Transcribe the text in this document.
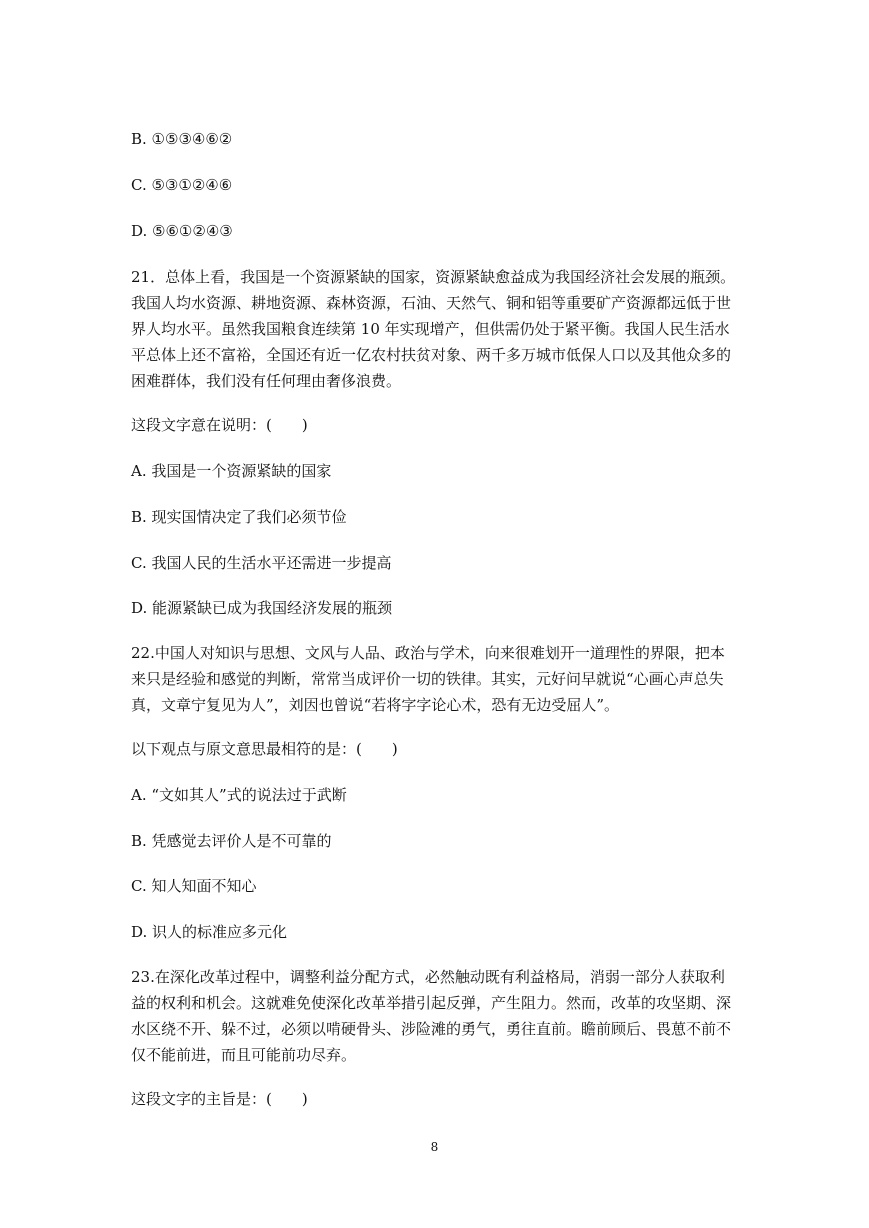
B. ①⑤③④⑥②

C. ⑤③①②④⑥

D. ⑤⑥①②④③

21．总体上看，我国是一个资源紧缺的国家，资源紧缺愈益成为我国经济社会发展的瓶颈。

我国人均水资源、耕地资源、森林资源，石油、天然气、铜和铝等重要矿产资源都远低于世

界人均水平。虽然我国粮食连续第 10 年实现增产，但供需仍处于紧平衡。我国人民生活水

平总体上还不富裕，全国还有近一亿农村扶贫对象、两千多万城市低保人口以及其他众多的

困难群体，我们没有任何理由奢侈浪费。

这段文字意在说明：(　　)

A. 我国是一个资源紧缺的国家

B. 现实国情决定了我们必须节俭

C. 我国人民的生活水平还需进一步提高

D. 能源紧缺已成为我国经济发展的瓶颈

22.中国人对知识与思想、文风与人品、政治与学术，向来很难划开一道理性的界限，把本

来只是经验和感觉的判断，常常当成评价一切的铁律。其实，元好问早就说“心画心声总失

真，文章宁复见为人”，刘因也曾说“若将字字论心术，恐有无边受屈人”。

以下观点与原文意思最相符的是：(　　)

A. “文如其人”式的说法过于武断

B. 凭感觉去评价人是不可靠的

C. 知人知面不知心

D. 识人的标准应多元化

23.在深化改革过程中，调整利益分配方式，必然触动既有利益格局，消弱一部分人获取利

益的权利和机会。这就难免使深化改革举措引起反弹，产生阻力。然而，改革的攻坚期、深

水区绕不开、躲不过，必须以啃硬骨头、涉险滩的勇气，勇往直前。瞻前顾后、畏葸不前不

仅不能前进，而且可能前功尽弃。

这段文字的主旨是：(　　)

8
